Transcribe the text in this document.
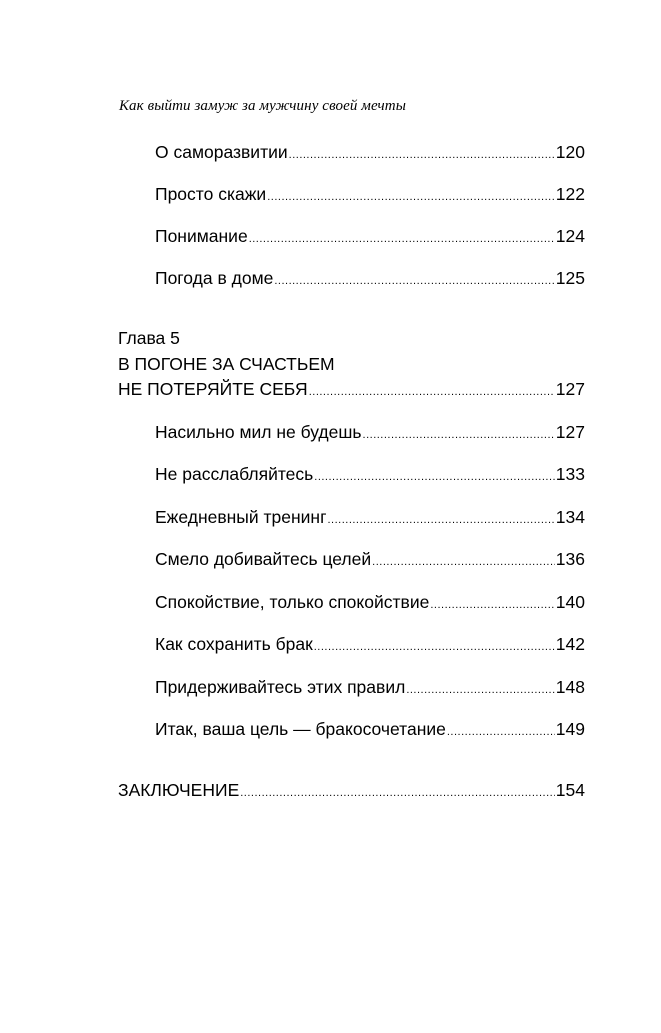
Как выйти замуж за мужчину своей мечты
О саморазвитии .....	120
Просто скажи .....	122
Понимание .....	124
Погода в доме .....	125
Глава 5
В ПОГОНЕ ЗА СЧАСТЬЕМ
НЕ ПОТЕРЯЙТЕ СЕБЯ .....	127
Насильно мил не будешь .....	127
Не расслабляйтесь .....	133
Ежедневный тренинг .....	134
Смело добивайтесь целей .....	136
Спокойствие, только спокойствие .....	140
Как сохранить брак .....	142
Придерживайтесь этих правил .....	148
Итак, ваша цель — бракосочетание .....	149
ЗАКЛЮЧЕНИЕ .....	154
